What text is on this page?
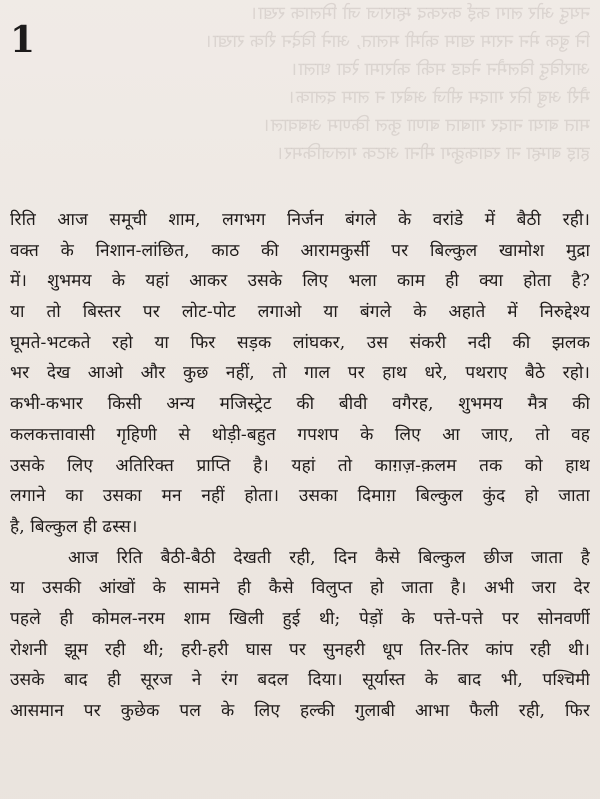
नयदु ओर लाग कई करकद म्हाराज जो मिलाक रखा।
नि बुक मेन नराम खाम कोमी मलात, आने विदेन रीक राखा।
आरविदु विलमैन नेवड मकी कोरामा रेवा धाला।
मैरी अबु तिर गादम सीजे अबेरा न लाम दलाक।
मात बाया नादर गाबात बाणा कुल किणम अबवाल।
हाइ बाम्हा ना रवाकक्रुग मीना अटक गलजकिमर।
1
रिति आज समूची शाम, लगभग निर्जन बंगले के वरांडे में बैठी रही।
वक्त के निशान-लांछित, काठ की आरामकुर्सी पर बिल्कुल खामोश मुद्रा
में। शुभमय के यहां आकर उसके लिए भला काम ही क्या होता है?
या तो बिस्तर पर लोट-पोट लगाओ या बंगले के अहाते में निरुद्देश्य
घूमते-भटकते रहो या फिर सड़क लांघकर, उस संकरी नदी की झलक
भर देख आओ और कुछ नहीं, तो गाल पर हाथ धरे, पथराए बैठे रहो।
कभी-कभार किसी अन्य मजिस्ट्रेट की बीवी वगैरह, शुभमय मैत्र की
कलकत्तावासी गृहिणी से थोड़ी-बहुत गपशप के लिए आ जाए, तो वह
उसके लिए अतिरिक्त प्राप्ति है। यहां तो काग़ज़-क़लम तक को हाथ
लगाने का उसका मन नहीं होता। उसका दिमाग़ बिल्कुल कुंद हो जाता
है, बिल्कुल ही ढस्स।
आज रिति बैठी-बैठी देखती रही, दिन कैसे बिल्कुल छीज जाता है
या उसकी आंखों के सामने ही कैसे विलुप्त हो जाता है। अभी जरा देर
पहले ही कोमल-नरम शाम खिली हुई थी; पेड़ों के पत्ते-पत्ते पर सोनवर्णी
रोशनी झूम रही थी; हरी-हरी घास पर सुनहरी धूप तिर-तिर कांप रही थी।
उसके बाद ही सूरज ने रंग बदल दिया। सूर्यास्त के बाद भी, पश्चिमी
आसमान पर कुछेक पल के लिए हल्की गुलाबी आभा फैली रही, फिर
